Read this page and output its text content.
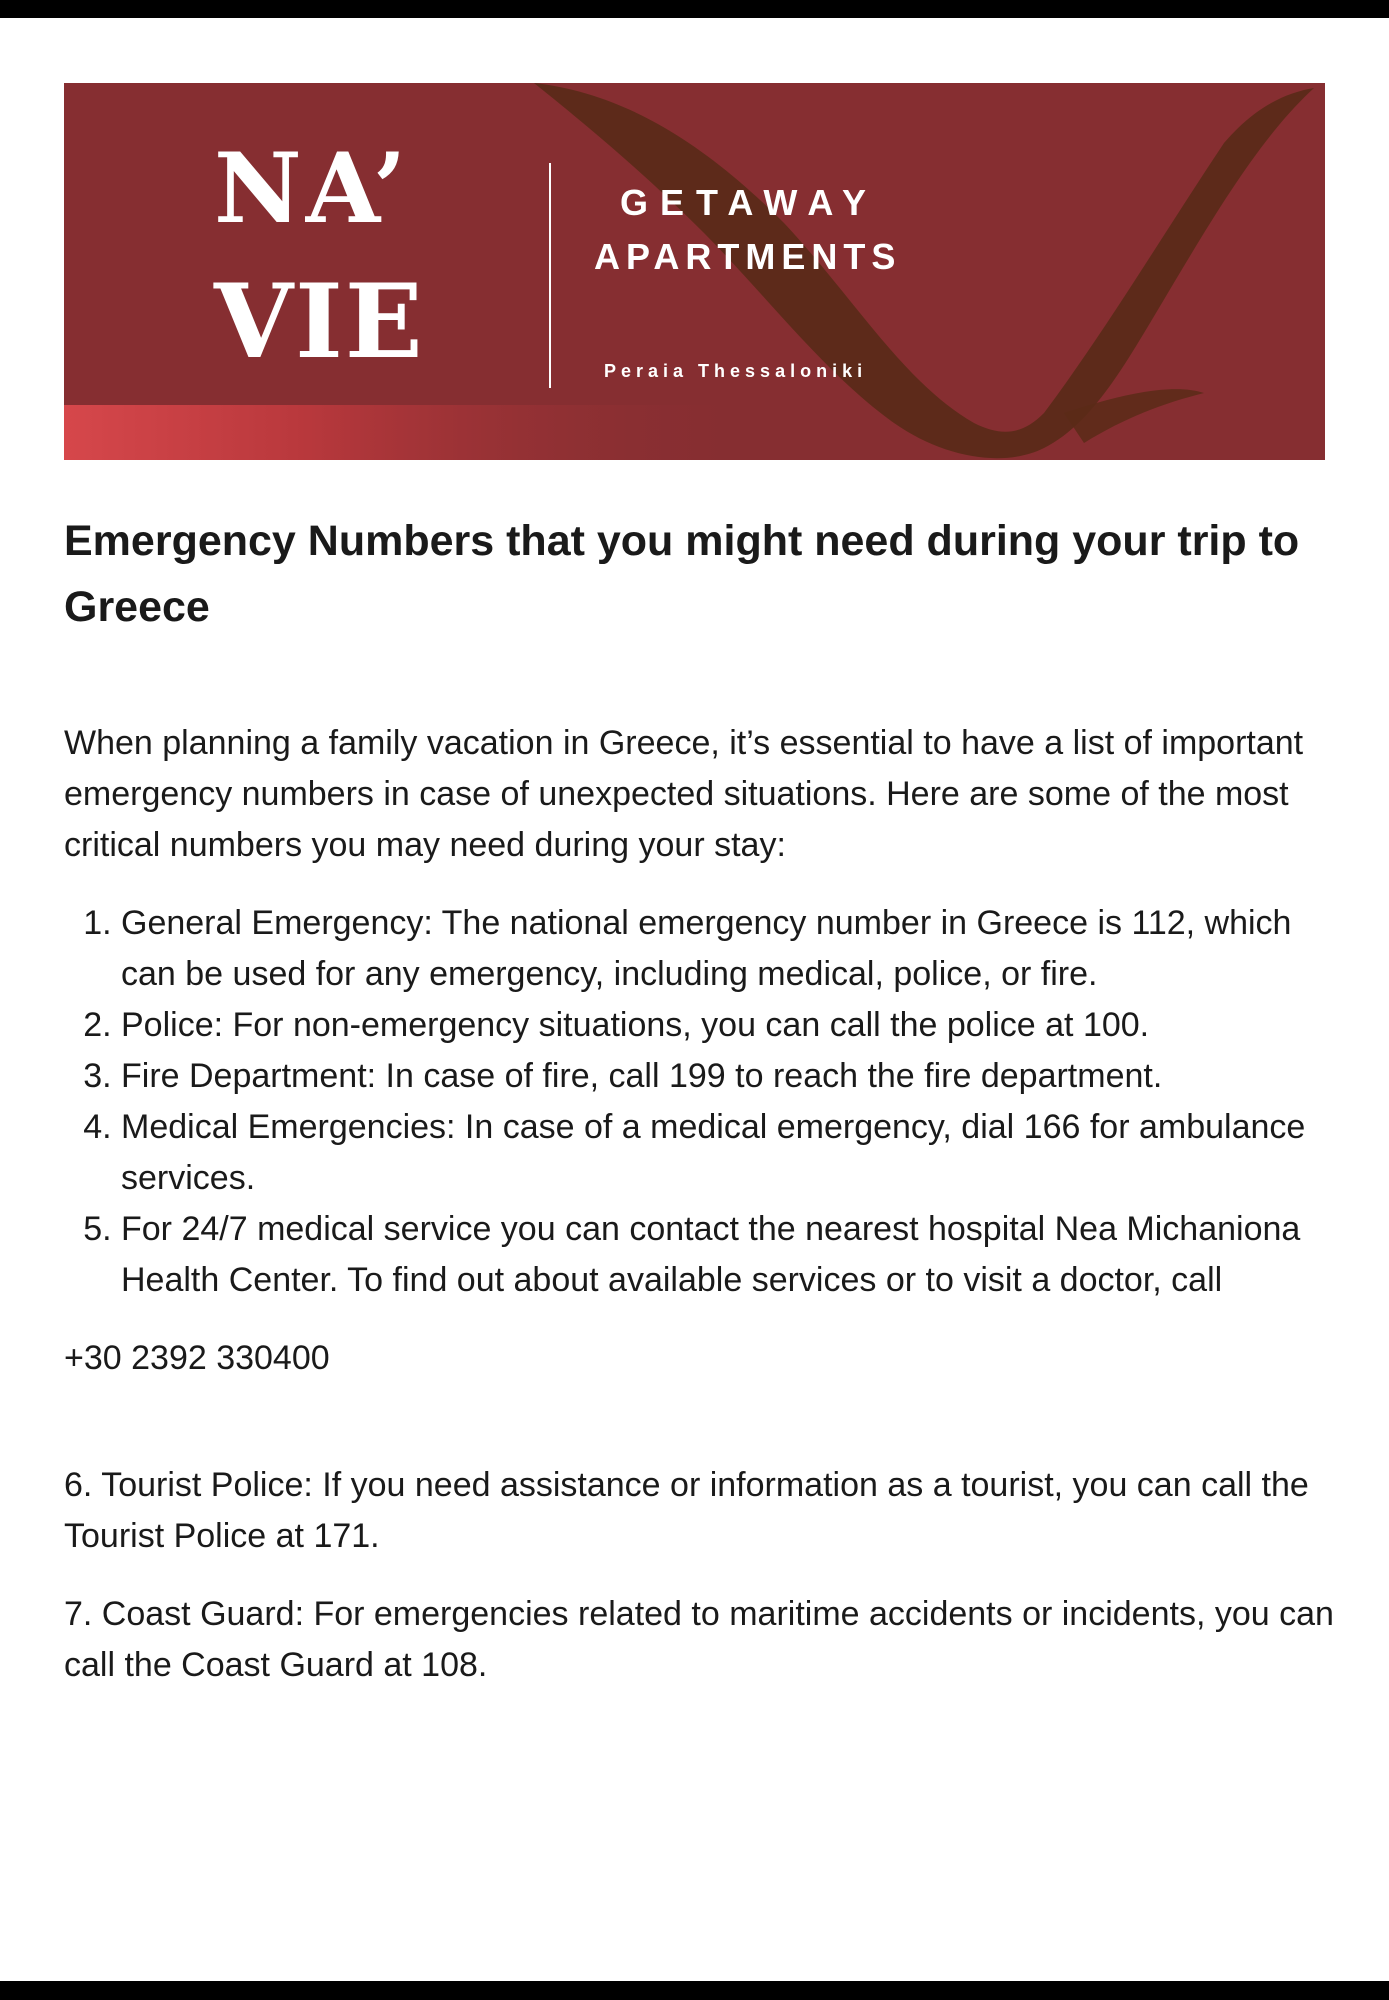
NA’
VIE
GETAWAY
APARTMENTS
Peraia Thessaloniki
Emergency Numbers that you might need during your trip to Greece

When planning a family vacation in Greece, it’s essential to have a list of important emergency numbers in case of unexpected situations. Here are some of the most critical numbers you may need during your stay:

1. General Emergency: The national emergency number in Greece is 112, which can be used for any emergency, including medical, police, or fire.
2. Police: For non-emergency situations, you can call the police at 100.
3. Fire Department: In case of fire, call 199 to reach the fire department.
4. Medical Emergencies: In case of a medical emergency, dial 166 for ambulance services.
5. For 24/7 medical service you can contact the nearest hospital Nea Michaniona Health Center. To find out about available services or to visit a doctor, call

+30 2392 330400

6. Tourist Police: If you need assistance or information as a tourist, you can call the Tourist Police at 171.

7. Coast Guard: For emergencies related to maritime accidents or incidents, you can call the Coast Guard at 108.
